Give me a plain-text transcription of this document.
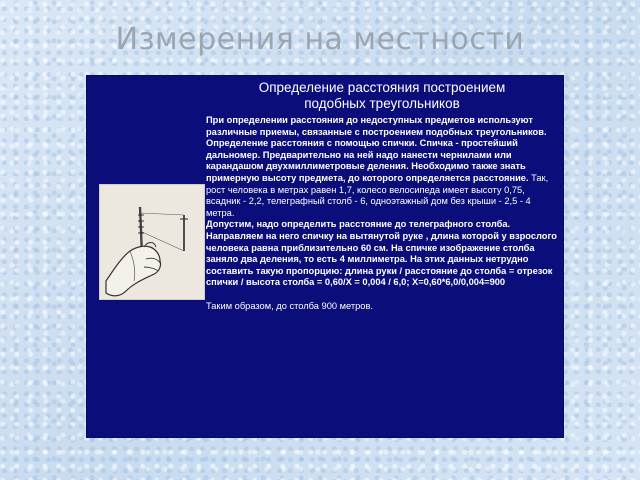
Измерения на местности
Определение расстояния построением
подобных треугольников

При определении расстояния до недоступных предметов используют различные приемы, связанные с построением подобных треугольников.

Определение расстояния с помощью спички. Спичка - простейший дальномер. Предварительно на ней надо нанести чернилами или карандашом двухмиллиметровые деления. Необходимо также знать примерную высоту предмета, до которого определяется расстояние. Так, рост человека в метрах равен 1,7, колесо велосипеда имеет высоту 0,75, всадник - 2,2, телеграфный столб - 6, одноэтажный дом без крыши - 2,5 - 4 метра.

Допустим, надо определить расстояние до телеграфного столба. Направляем на него спичку на вытянутой руке , длина которой у взрослого человека равна приблизительно 60 см. На спичке изображение столба заняло два деления, то есть 4 миллиметра. На этих данных нетрудно составить такую пропорцию: длина руки / расстояние до столба = отрезок спички / высота столба = 0,60/Х = 0,004 / 6,0; Х=0,60*6,0/0,004=900

Таким образом, до столба 900 метров.
